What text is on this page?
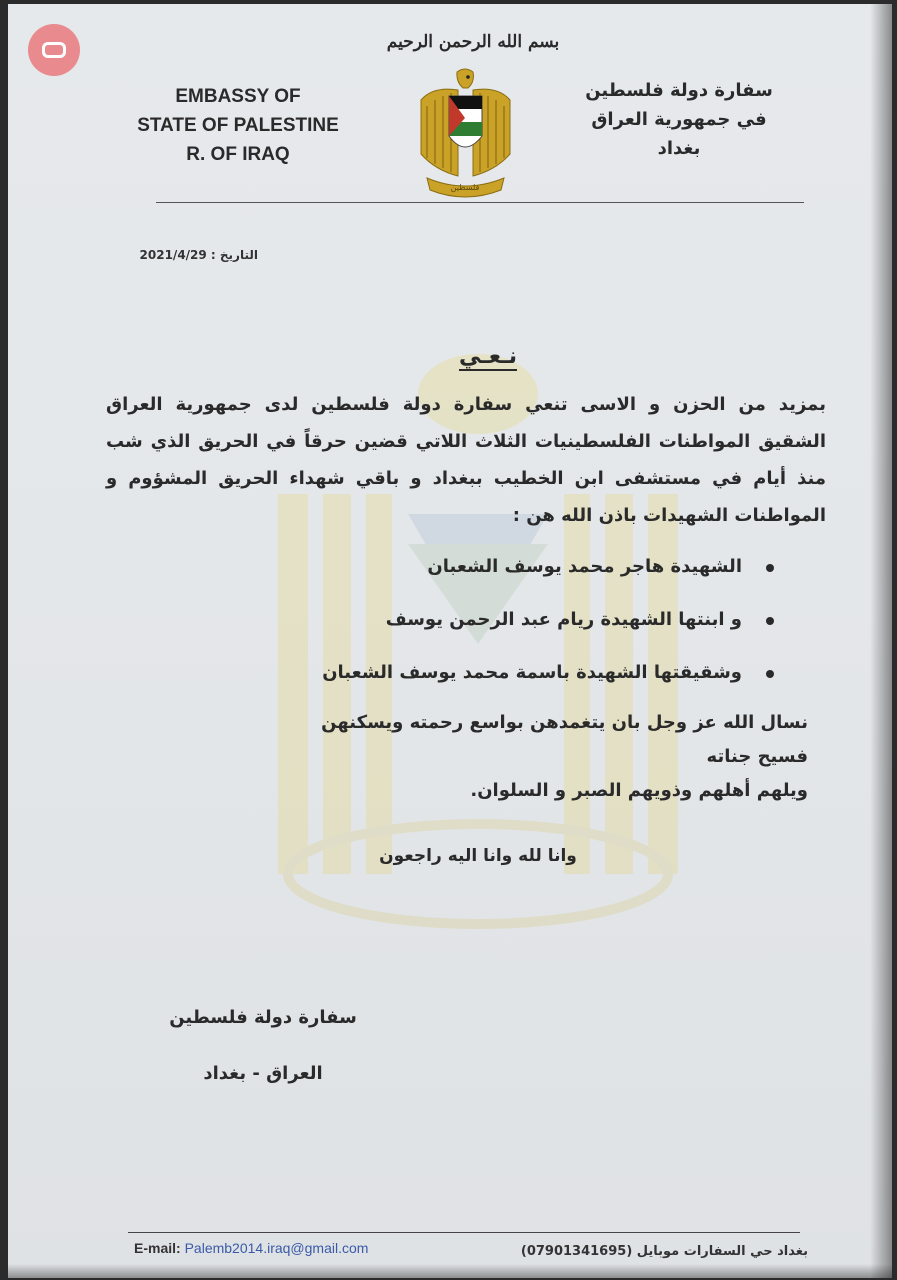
بسم الله الرحمن الرحيم
EMBASSY OF
STATE OF PALESTINE
R. OF IRAQ
فلسطين
سفارة دولة فلسطين
في جمهورية العراق
بغداد
التاريخ : 2021/4/29
نـعـي
بمزيد من الحزن و الاسى تنعي سفارة دولة فلسطين لدى جمهورية العراق الشقيق المواطنات الفلسطينيات الثلاث اللاتي قضين حرقاً في الحريق الذي شب منذ أيام في مستشفى ابن الخطيب ببغداد و باقي شهداء الحريق المشؤوم و المواطنات الشهيدات باذن الله هن :
الشهيدة هاجر محمد يوسف الشعبان
و ابنتها الشهيدة ريام عبد الرحمن يوسف
وشقيقتها الشهيدة باسمة محمد يوسف الشعبان
نسال الله عز وجل بان يتغمدهن بواسع رحمته ويسكنهن فسيح جناته
ويلهم أهلهم وذويهم الصبر و السلوان.
وانا لله وانا اليه راجعون
سفارة دولة فلسطين
العراق - بغداد
E-mail: Palemb2014.iraq@gmail.com	بغداد حي السفارات موبايل (07901341695)
